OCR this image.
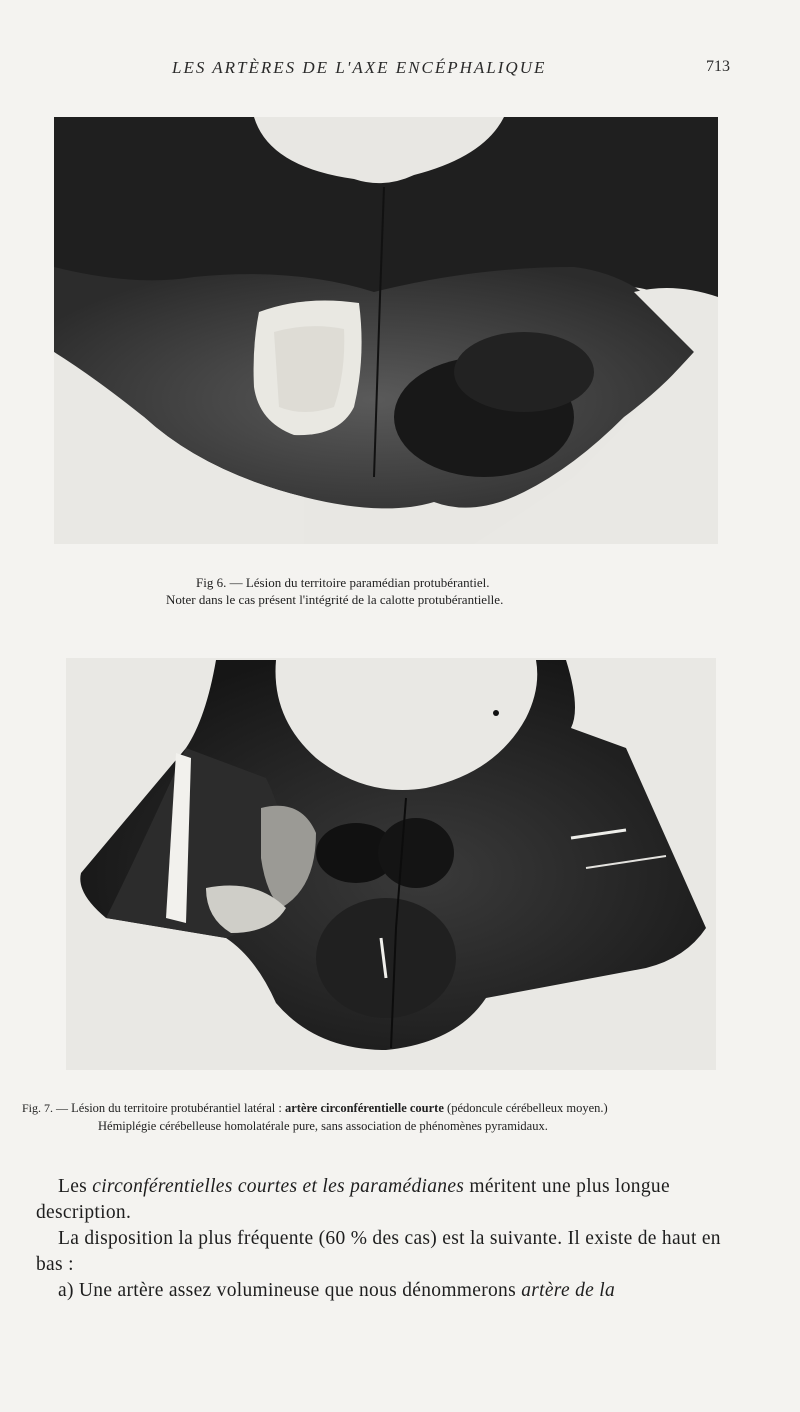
LES ARTÈRES DE L'AXE ENCÉPHALIQUE	713
Fig 6. — Lésion du territoire paramédian protubérantiel.
Noter dans le cas présent l'intégrité de la calotte protubérantielle.
Fig. 7. — Lésion du territoire protubérantiel latéral : artère circonférentielle courte (pédoncule cérébelleux moyen.)
Hémiplégie cérébelleuse homolatérale pure, sans association de phénomènes pyramidaux.
Les circonférentielles courtes et les paramédianes méritent une plus longue description.
La disposition la plus fréquente (60 % des cas) est la suivante. Il existe de haut en bas :
a) Une artère assez volumineuse que nous dénommerons artère de la
